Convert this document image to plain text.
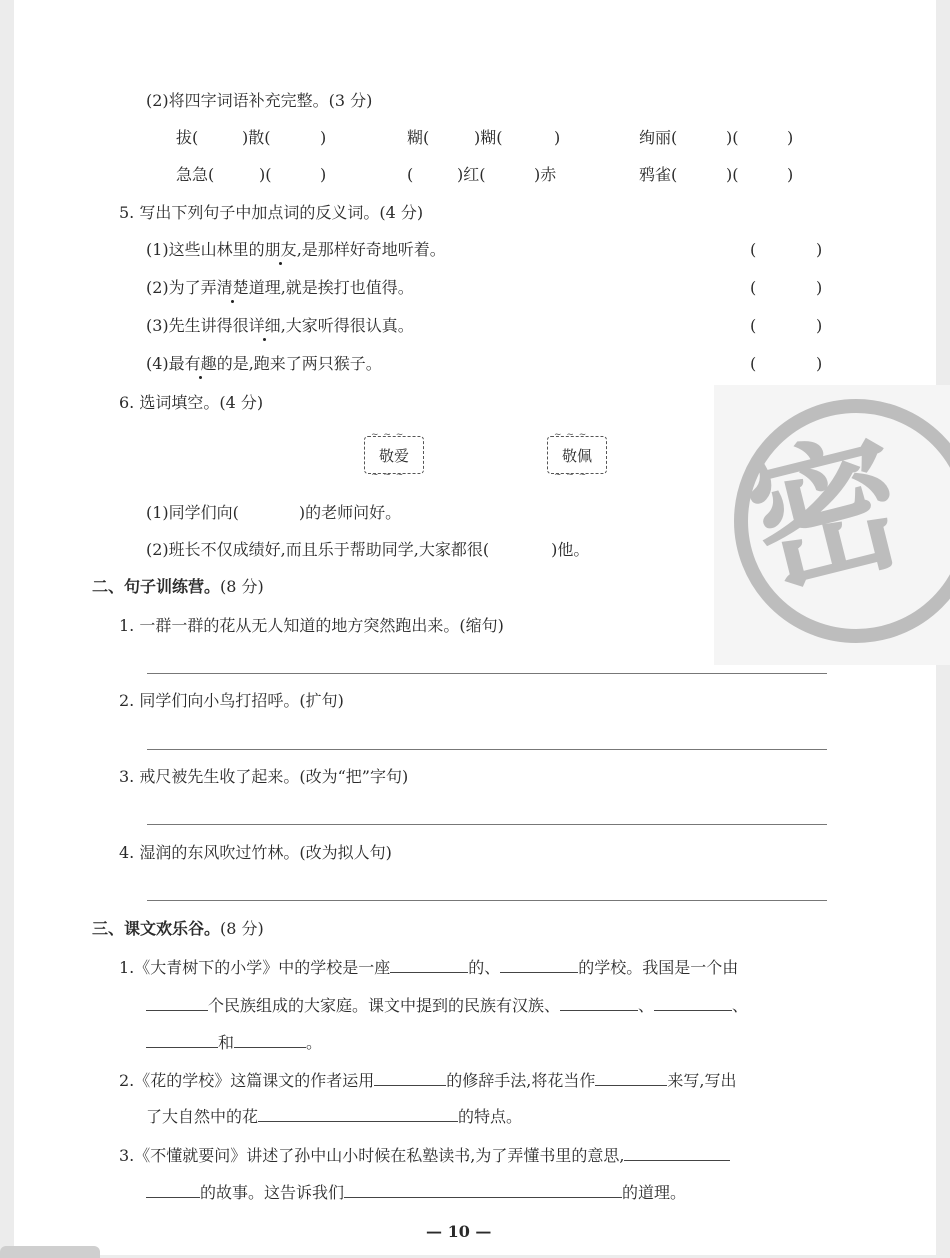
(2)将四字词语补充完整。(3 分)
拔(	)散(	)	糊(	)糊(	)	绚丽(	)(	)
急急(	)(	)	(	)红(	)赤	鸦雀(	)(	)
5. 写出下列句子中加点词的反义词。(4 分)
(1)这些山林里的朋友,是那样好奇地听着。	(	)
(2)为了弄清楚道理,就是挨打也值得。	(	)
(3)先生讲得很详细,大家听得很认真。	(	)
(4)最有趣的是,跑来了两只猴子。	(	)
密
6. 选词填空。(4 分)
~ ~ ~ 敬爱 ~ ~ ~
~ ~ ~	敬佩 ~ ~ ~
(1)同学们向(	)的老师问好。
(2)班长不仅成绩好,而且乐于帮助同学,大家都很(	)他。
二、句子训练营。(8 分)
1. 一群一群的花从无人知道的地方突然跑出来。(缩句)
2. 同学们向小鸟打招呼。(扩句)
3. 戒尺被先生收了起来。(改为“把”字句)
4. 湿润的东风吹过竹林。(改为拟人句)
三、课文欢乐谷。(8 分)
1.《大青树下的小学》中的学校是一座	的、	的学校。我国是一个由
个民族组成的大家庭。课文中提到的民族有汉族、	、	、
和	。
2.《花的学校》这篇课文的作者运用	的修辞手法,将花当作	来写,写出
了大自然中的花	的特点。
3.《不懂就要问》讲述了孙中山小时候在私塾读书,为了弄懂书里的意思,
的故事。这告诉我们	的道理。
— 10 —
